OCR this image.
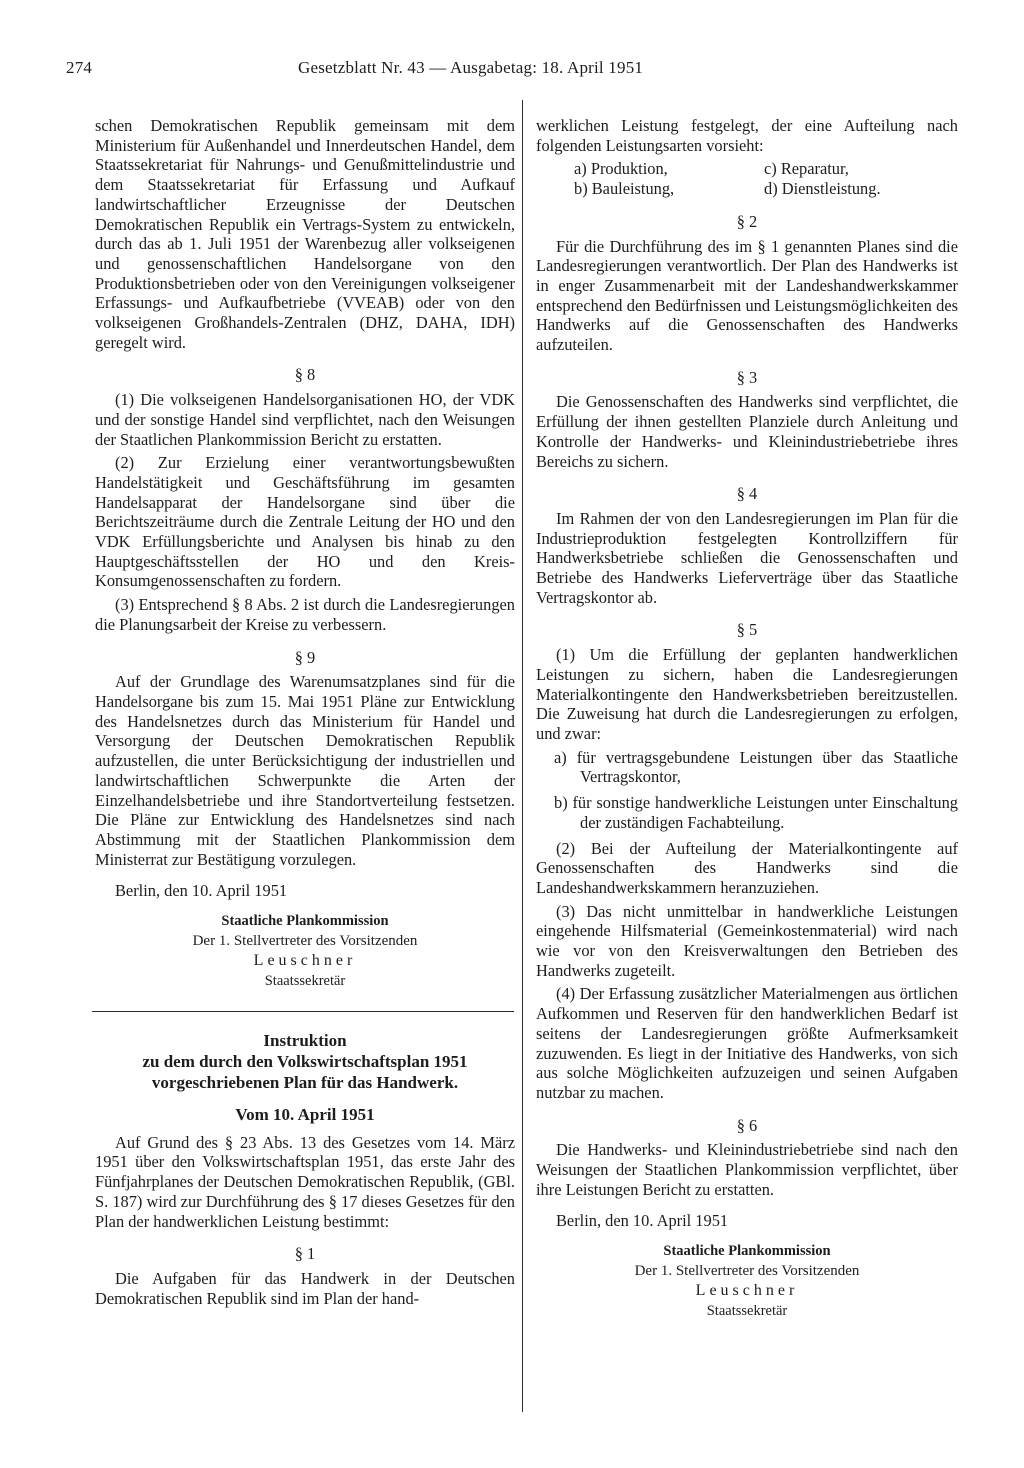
274	Gesetzblatt Nr. 43 — Ausgabetag: 18. April 1951

schen Demokratischen Republik gemeinsam mit dem Ministerium für Außenhandel und Innerdeutschen Handel, dem Staatssekretariat für Nahrungs- und Genußmittelindustrie und dem Staatssekretariat für Erfassung und Aufkauf landwirtschaftlicher Erzeugnisse der Deutschen Demokratischen Republik ein Vertrags-System zu entwickeln, durch das ab 1. Juli 1951 der Warenbezug aller volkseigenen und genossenschaftlichen Handelsorgane von den Produktionsbetrieben oder von den Vereinigungen volkseigener Erfassungs- und Aufkaufbetriebe (VVEAB) oder von den volkseigenen Großhandels-Zentralen (DHZ, DAHA, IDH) geregelt wird.

§ 8

(1) Die volkseigenen Handelsorganisationen HO, der VDK und der sonstige Handel sind verpflichtet, nach den Weisungen der Staatlichen Plankommission Bericht zu erstatten.

(2) Zur Erzielung einer verantwortungsbewußten Handelstätigkeit und Geschäftsführung im gesamten Handelsapparat der Handelsorgane sind über die Berichtszeiträume durch die Zentrale Leitung der HO und den VDK Erfüllungsberichte und Analysen bis hinab zu den Hauptgeschäftsstellen der HO und den Kreis-Konsumgenossenschaften zu fordern.

(3) Entsprechend § 8 Abs. 2 ist durch die Landesregierungen die Planungsarbeit der Kreise zu verbessern.

§ 9

Auf der Grundlage des Warenumsatzplanes sind für die Handelsorgane bis zum 15. Mai 1951 Pläne zur Entwicklung des Handelsnetzes durch das Ministerium für Handel und Versorgung der Deutschen Demokratischen Republik aufzustellen, die unter Berücksichtigung der industriellen und landwirtschaftlichen Schwerpunkte die Arten der Einzelhandelsbetriebe und ihre Standortverteilung festsetzen. Die Pläne zur Entwicklung des Handelsnetzes sind nach Abstimmung mit der Staatlichen Plankommission dem Ministerrat zur Bestätigung vorzulegen.

Berlin, den 10. April 1951

Staatliche Plankommission
Der 1. Stellvertreter des Vorsitzenden
Leuschner
Staatssekretär
Instruktion
zu dem durch den Volkswirtschaftsplan 1951
vorgeschriebenen Plan für das Handwerk.
Vom 10. April 1951

Auf Grund des § 23 Abs. 13 des Gesetzes vom 14. März 1951 über den Volkswirtschaftsplan 1951, das erste Jahr des Fünfjahrplanes der Deutschen Demokratischen Republik, (GBl. S. 187) wird zur Durchführung des § 17 dieses Gesetzes für den Plan der handwerklichen Leistung bestimmt:

§ 1

Die Aufgaben für das Handwerk in der Deutschen Demokratischen Republik sind im Plan der hand-

werklichen Leistung festgelegt, der eine Aufteilung nach folgenden Leistungsarten vorsieht:

a) Produktion,	c) Reparatur,
b) Bauleistung,	d) Dienstleistung.
§ 2

Für die Durchführung des im § 1 genannten Planes sind die Landesregierungen verantwortlich. Der Plan des Handwerks ist in enger Zusammenarbeit mit der Landeshandwerkskammer entsprechend den Bedürfnissen und Leistungsmöglichkeiten des Handwerks auf die Genossenschaften des Handwerks aufzuteilen.

§ 3

Die Genossenschaften des Handwerks sind verpflichtet, die Erfüllung der ihnen gestellten Planziele durch Anleitung und Kontrolle der Handwerks- und Kleinindustriebetriebe ihres Bereichs zu sichern.

§ 4

Im Rahmen der von den Landesregierungen im Plan für die Industrieproduktion festgelegten Kontrollziffern für Handwerksbetriebe schließen die Genossenschaften und Betriebe des Handwerks Lieferverträge über das Staatliche Vertragskontor ab.

§ 5

(1) Um die Erfüllung der geplanten handwerklichen Leistungen zu sichern, haben die Landesregierungen Materialkontingente den Handwerksbetrieben bereitzustellen. Die Zuweisung hat durch die Landesregierungen zu erfolgen, und zwar:

a) für vertragsgebundene Leistungen über das Staatliche Vertragskontor,

b) für sonstige handwerkliche Leistungen unter Einschaltung der zuständigen Fachabteilung.

(2) Bei der Aufteilung der Materialkontingente auf Genossenschaften des Handwerks sind die Landeshandwerkskammern heranzuziehen.

(3) Das nicht unmittelbar in handwerkliche Leistungen eingehende Hilfsmaterial (Gemeinkostenmaterial) wird nach wie vor von den Kreisverwaltungen den Betrieben des Handwerks zugeteilt.

(4) Der Erfassung zusätzlicher Materialmengen aus örtlichen Aufkommen und Reserven für den handwerklichen Bedarf ist seitens der Landesregierungen größte Aufmerksamkeit zuzuwenden. Es liegt in der Initiative des Handwerks, von sich aus solche Möglichkeiten aufzuzeigen und seinen Aufgaben nutzbar zu machen.

§ 6

Die Handwerks- und Kleinindustriebetriebe sind nach den Weisungen der Staatlichen Plankommission verpflichtet, über ihre Leistungen Bericht zu erstatten.

Berlin, den 10. April 1951

Staatliche Plankommission
Der 1. Stellvertreter des Vorsitzenden
Leuschner
Staatssekretär
